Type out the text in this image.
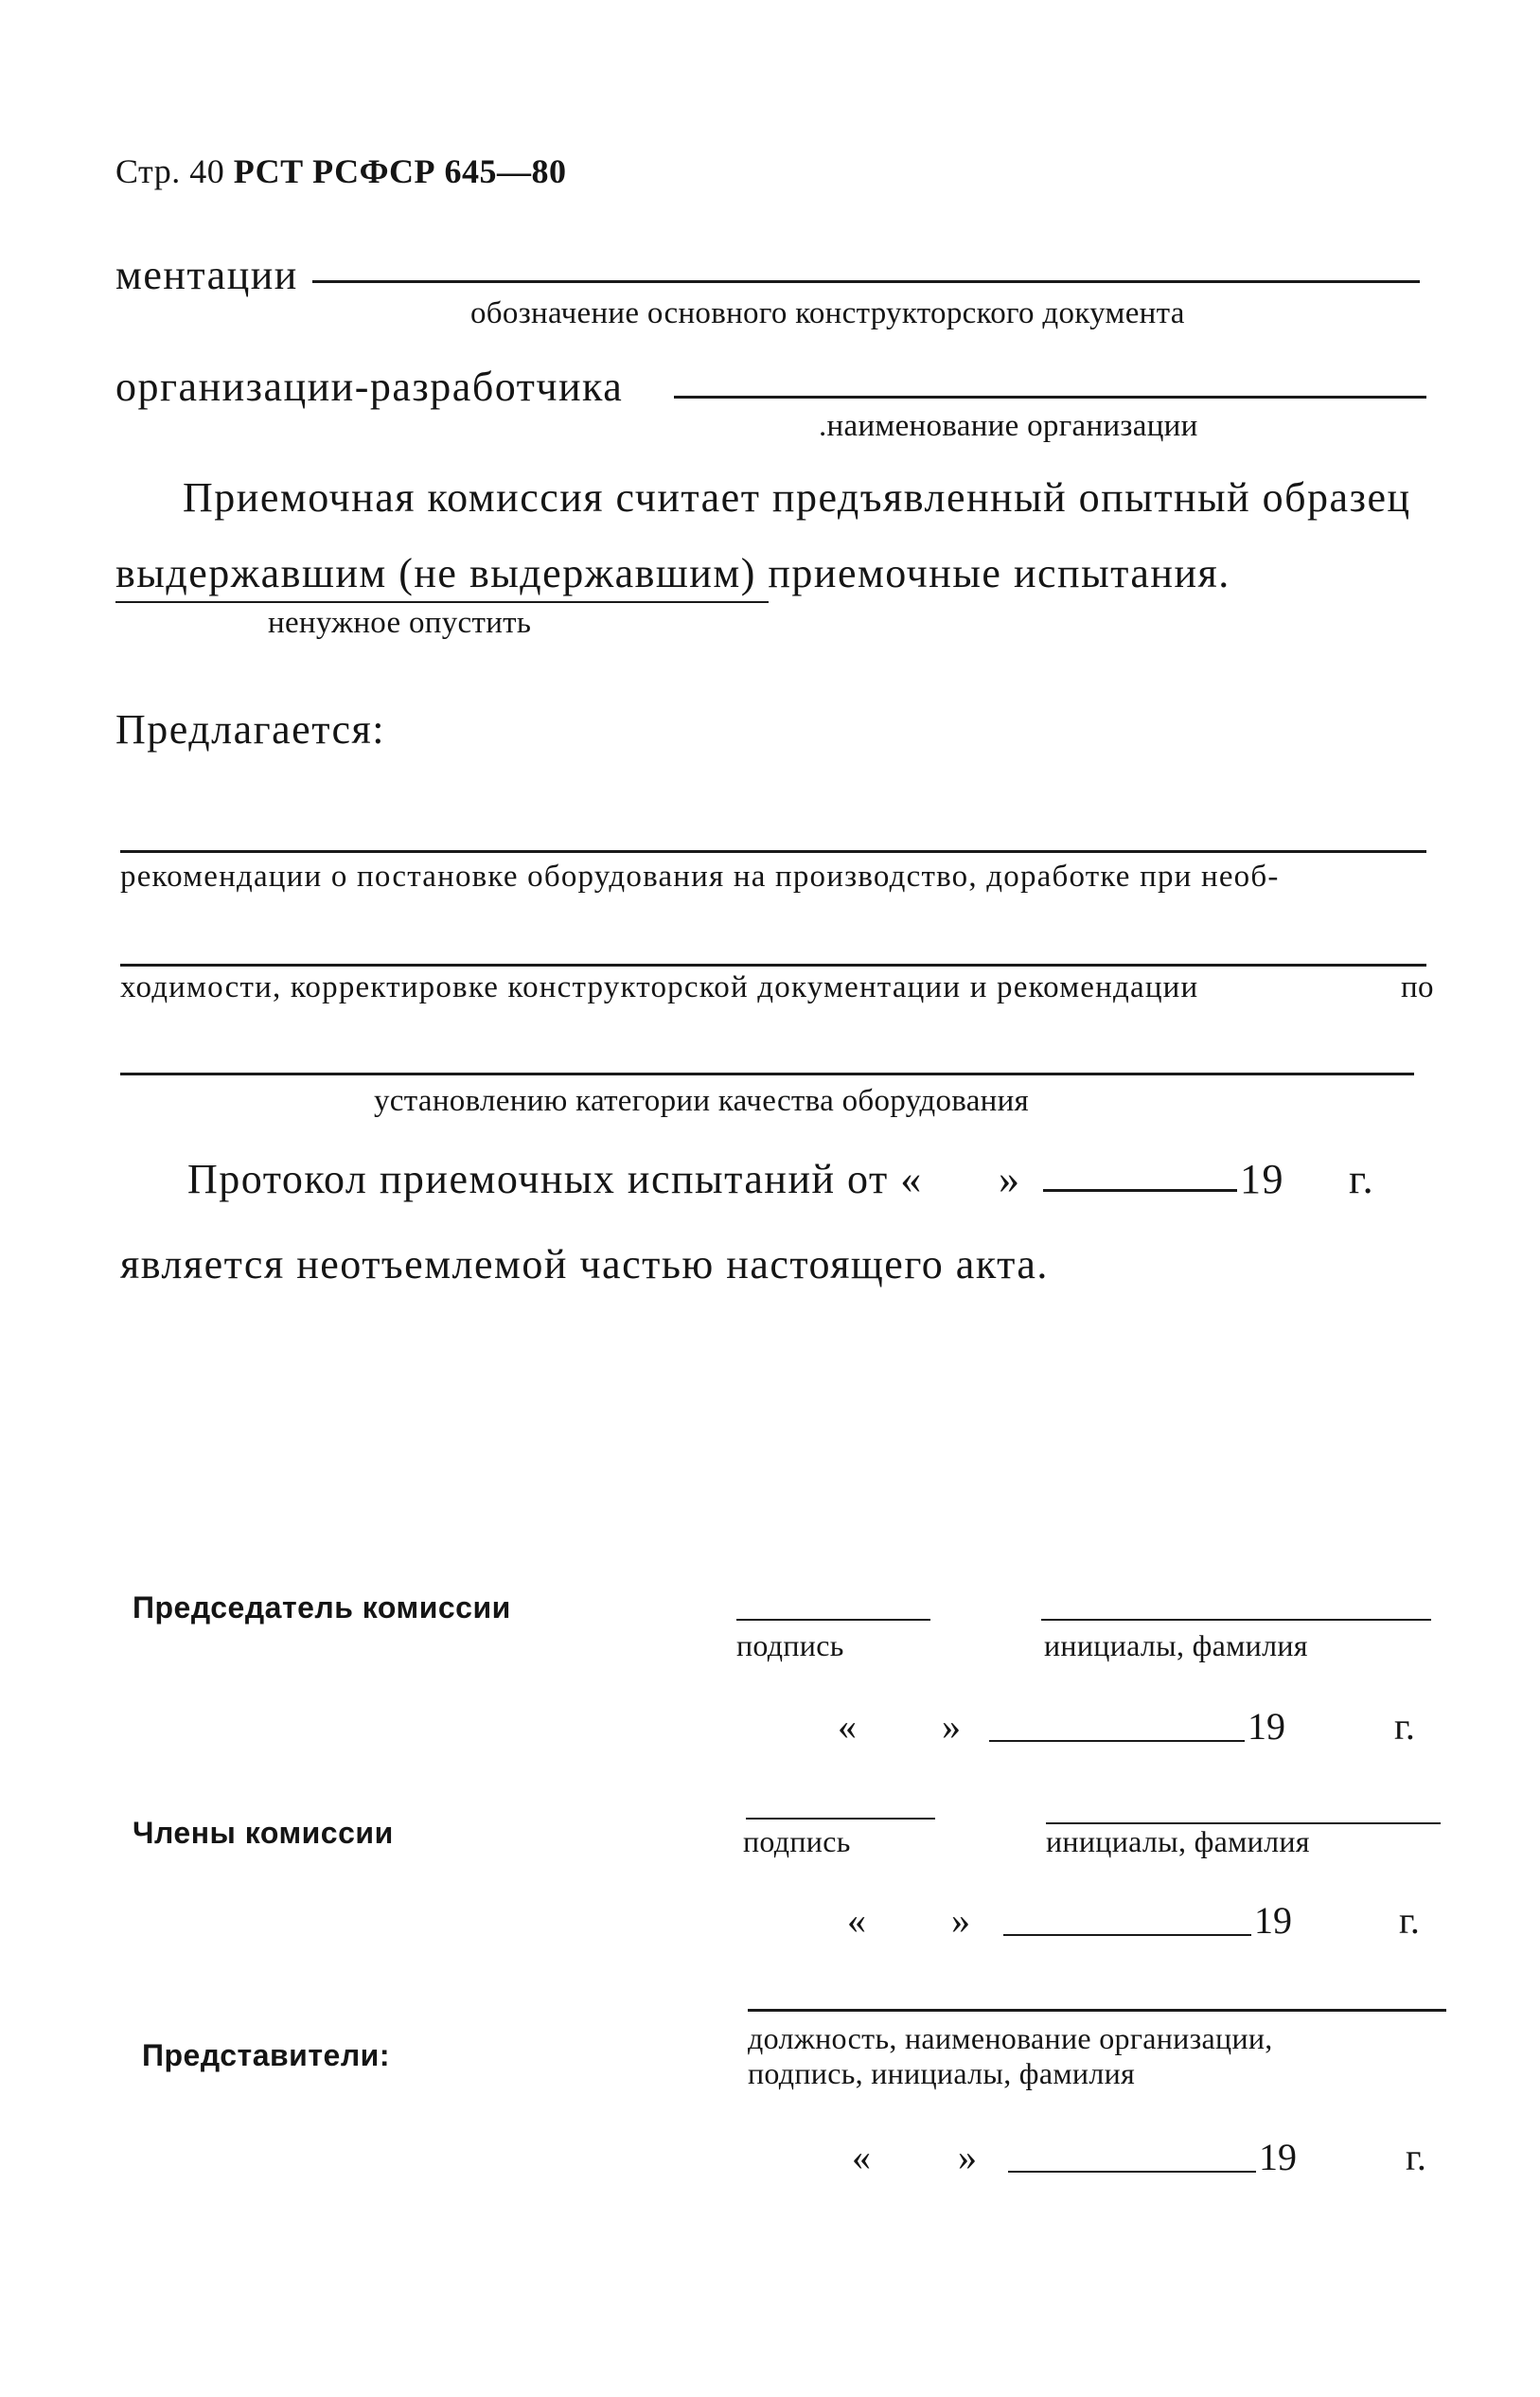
Стр. 40 РСТ РСФСР 645—80
ментации
обозначение основного конструкторского документа
организации-разработчика
.наименование организации
Приемочная комиссия считает предъявленный опытный образец
выдержавшим (не выдержавшим) приемочные испытания.
ненужное опустить
Предлагается:
рекомендации о постановке оборудования на производство, доработке при необ-
ходимости, корректировке конструкторской документации и рекомендации	по
установлению категории качества оборудования
Протокол приемочных испытаний от « »	19 г.
является неотъемлемой частью настоящего акта.
Председатель комиссии
подпись	инициалы, фамилия
« »	19	г.
Члены комиссии	подпись	инициалы, фамилия
« »	19	г.
Представители:	должность, наименование организации,
подпись, инициалы, фамилия
« »	19	г.
